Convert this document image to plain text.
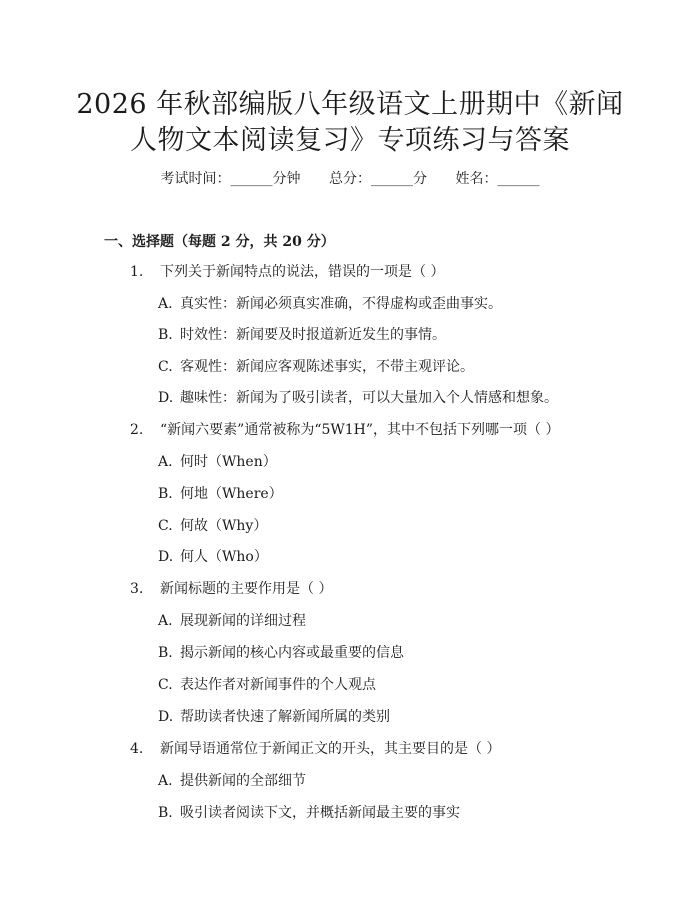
2026 年秋部编版八年级语文上册期中《新闻
人物文本阅读复习》专项练习与答案
考试时间：______分钟 总分：______分 姓名：______
一、选择题（每题 2 分，共 20 分）
1. 下列关于新闻特点的说法，错误的一项是（ ）
A. 真实性：新闻必须真实准确，不得虚构或歪曲事实。
B. 时效性：新闻要及时报道新近发生的事情。
C. 客观性：新闻应客观陈述事实，不带主观评论。
D. 趣味性：新闻为了吸引读者，可以大量加入个人情感和想象。
2. “新闻六要素”通常被称为“5W1H”，其中不包括下列哪一项（ ）
A. 何时（When）
B. 何地（Where）
C. 何故（Why）
D. 何人（Who）
3. 新闻标题的主要作用是（ ）
A. 展现新闻的详细过程
B. 揭示新闻的核心内容或最重要的信息
C. 表达作者对新闻事件的个人观点
D. 帮助读者快速了解新闻所属的类别
4. 新闻导语通常位于新闻正文的开头，其主要目的是（ ）
A. 提供新闻的全部细节
B. 吸引读者阅读下文，并概括新闻最主要的事实
